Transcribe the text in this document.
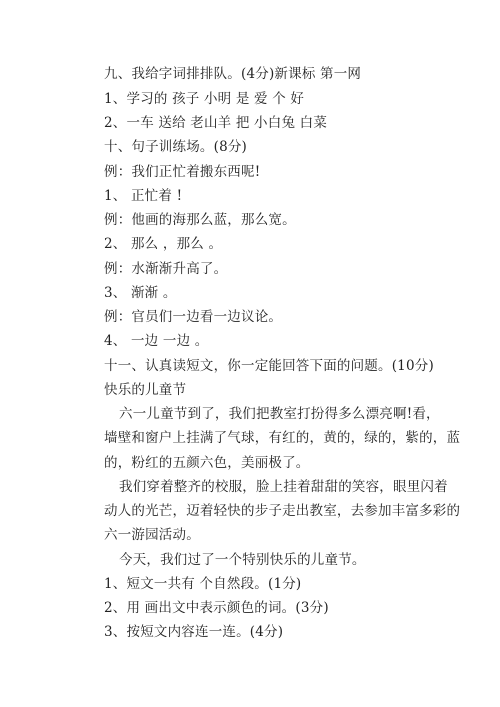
九、我给字词排排队。(4分)新课标 第一网
1、学习的 孩子 小明 是 爱 个 好
2、一车 送给 老山羊 把 小白兔 白菜
十、句子训练场。(8分)
例：我们正忙着搬东西呢!
1、 正忙着 !
例：他画的海那么蓝，那么宽。
2、 那么 ，那么 。
例：水渐渐升高了。
3、 渐渐 。
例：官员们一边看一边议论。
4、 一边 一边 。
十一、认真读短文，你一定能回答下面的问题。(10分)
快乐的儿童节
六一儿童节到了，我们把教室打扮得多么漂亮啊!看，
墙壁和窗户上挂满了气球，有红的，黄的，绿的，紫的，蓝
的，粉红的五颜六色，美丽极了。
我们穿着整齐的校服，脸上挂着甜甜的笑容，眼里闪着
动人的光芒，迈着轻快的步子走出教室，去参加丰富多彩的
六一游园活动。
今天，我们过了一个特别快乐的儿童节。
1、短文一共有 个自然段。(1分)
2、用 画出文中表示颜色的词。(3分)
3、按短文内容连一连。(4分)
